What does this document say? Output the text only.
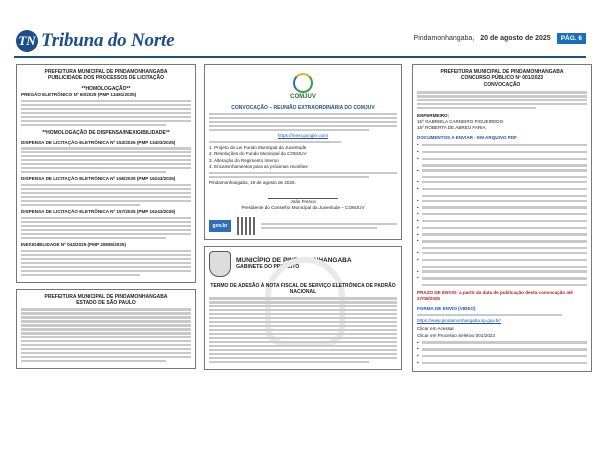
TN Tribuna do Norte	Pindamonhangaba, 20 de agosto de 2025	PÁG. 6
PREFEITURA MUNICIPAL DE PINDAMONHANGABA
PUBLICIDADE DOS PROCESSOS DE LICITAÇÃO
**HOMOLOGAÇÃO**
PREGÃO ELETRÔNICO Nº 60/2025 (PMP 13491/2025)
**HOMOLOGAÇÃO DE DISPENSA/INEXIGIBILIDADE**
DISPENSA DE LICITAÇÃO ELETRÔNICA Nº 153/2025 (PMP 13403/2025)
DISPENSA DE LICITAÇÃO ELETRÔNICA Nº 156/2025 (PMP 16243/2025)
DISPENSA DE LICITAÇÃO ELETRÔNICA Nº 157/2025 (PMP 16243/2025)
INEXIGIBILIDADE Nº 043/2025 (PMP 20855/2025)
PREFEITURA MUNICIPAL DE PINDAMONHANGABA
ESTADO DE SÃO PAULO
COMJUV
CONVOCAÇÃO – REUNIÃO EXTRAORDINÁRIA DO COMJUV
https://meet.google.com/
1. Projeto de Lei Fundo Municipal da Juventude
2. Resoluções do Fundo Municipal do COMJUV
3. Alteração do Regimento Interno
4. Encaminhamentos para as próximas reuniões
Pindamonhangaba, 19 de agosto de 2025.
João Fresca
Presidente do Conselho Municipal da Juventude – COMJUV
gov.br
MUNICÍPIO DE PINDAMONHANGABA
GABINETE DO PREFEITO
TERMO DE ADESÃO À NOTA FISCAL DE SERVIÇO ELETRÔNICA DE PADRÃO NACIONAL
PREFEITURA MUNICIPAL DE PINDAMONHANGABA
CONCURSO PÚBLICO Nº 001/2023
CONVOCAÇÃO
ENFERMEIRO:
15º GABRIELA CARNEIRO FIGUEIREDO
16º ROBERTA DE ABREU FARIA
DOCUMENTOS A ENVIAR - EM ARQUIVO PDF
•
•
•
•
•
•
•
•
•
•
•
•
•
•
•
•
•
PRAZO DE ENVIO: a partir da data de publicação desta convocação até 27/08/2025
FORMA DE ENVIO (VIDEO)
https://www.pindamonhangaba.sp.gov.br/
Clicar em Acessar
Clicar em Processo Seletivo 001/2023
•
•
•
•
